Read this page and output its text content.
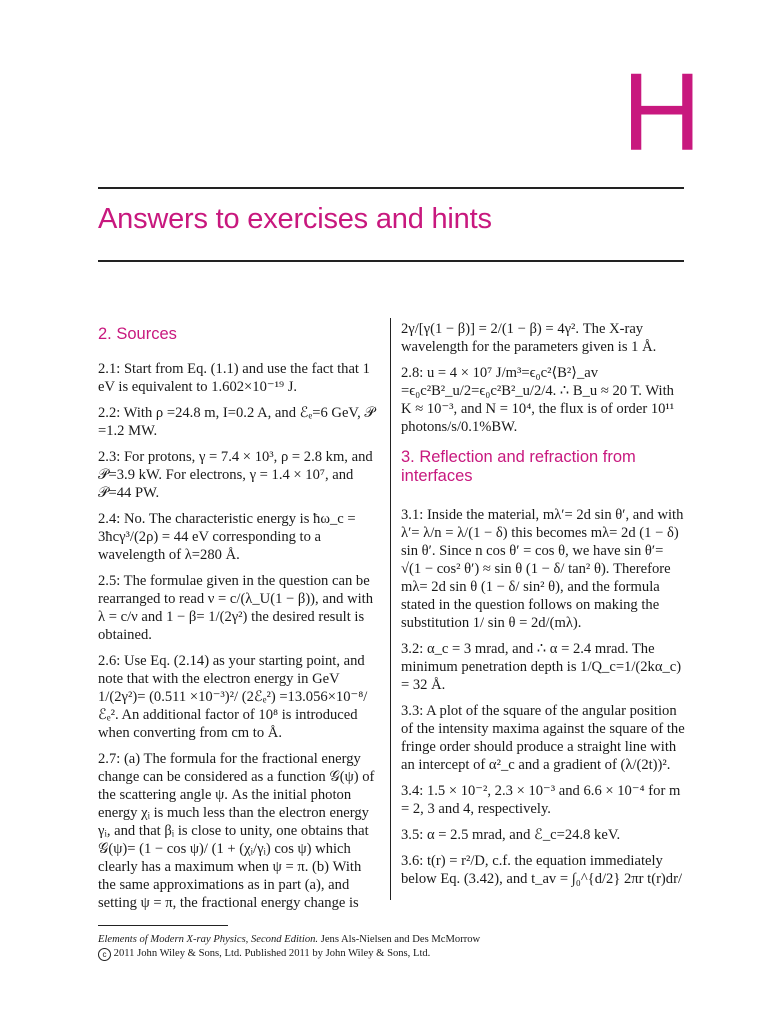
H
Answers to exercises and hints
2. Sources

2.1: Start from Eq. (1.1) and use the fact that 1 eV is equivalent to 1.602×10⁻¹⁹ J.

2.2: With ρ =24.8 m, I=0.2 A, and ℰₑ=6 GeV, 𝒫 =1.2 MW.

2.3: For protons, γ = 7.4 × 10³, ρ = 2.8 km, and 𝒫=3.9 kW. For electrons, γ = 1.4 × 10⁷, and 𝒫=44 PW.

2.4: No. The characteristic energy is ħω_c = 3ħcγ³/(2ρ) = 44 eV corresponding to a wavelength of λ=280 Å.

2.5: The formulae given in the question can be rearranged to read ν = c/(λ_U(1 − β)), and with λ = c/ν and 1 − β= 1/(2γ²) the desired result is obtained.

2.6: Use Eq. (2.14) as your starting point, and note that with the electron energy in GeV 1/(2γ²)= (0.511 ×10⁻³)²/ (2ℰₑ²) =13.056×10⁻⁸/ℰₑ². An additional factor of 10⁸ is introduced when converting from cm to Å.

2.7: (a) The formula for the fractional energy change can be considered as a function 𝒢(ψ) of the scattering angle ψ. As the initial photon energy χᵢ is much less than the electron energy γᵢ, and that βᵢ is close to unity, one obtains that 𝒢(ψ)= (1 − cos ψ)/ (1 + (χᵢ/γᵢ) cos ψ) which clearly has a maximum when ψ = π. (b) With the same approximations as in part (a), and setting ψ = π, the fractional energy change is

2γ/[γ(1 − β)] = 2/(1 − β) = 4γ². The X-ray wavelength for the parameters given is 1 Å.

2.8: u = 4 × 10⁷ J/m³=ϵ₀c²⟨B²⟩_av =ϵ₀c²B²_u/2=ϵ₀c²B²_u/2/4. ∴ B_u ≈ 20 T. With K ≈ 10⁻³, and N = 10⁴, the flux is of order 10¹¹ photons/s/0.1%BW.

3. Reflection and refraction from interfaces

3.1: Inside the material, mλ′= 2d sin θ′, and with λ′= λ/n = λ/(1 − δ) this becomes mλ= 2d (1 − δ) sin θ′. Since n cos θ′ = cos θ, we have sin θ′= √(1 − cos² θ′) ≈ sin θ (1 − δ/ tan² θ). Therefore mλ= 2d sin θ (1 − δ/ sin² θ), and the formula stated in the question follows on making the substitution 1/ sin θ = 2d/(mλ).

3.2: α_c = 3 mrad, and ∴ α = 2.4 mrad. The minimum penetration depth is 1/Q_c=1/(2kα_c) = 32 Å.

3.3: A plot of the square of the angular position of the intensity maxima against the square of the fringe order should produce a straight line with an intercept of α²_c and a gradient of (λ/(2t))².

3.4: 1.5 × 10⁻², 2.3 × 10⁻³ and 6.6 × 10⁻⁴ for m = 2, 3 and 4, respectively.

3.5: α = 2.5 mrad, and ℰ_c=24.8 keV.

3.6: t(r) = r²/D, c.f. the equation immediately below Eq. (3.42), and t_av = ∫₀^{d/2} 2πr t(r)dr/

Elements of Modern X-ray Physics, Second Edition. Jens Als-Nielsen and Des McMorrow

c 2011 John Wiley & Sons, Ltd. Published 2011 by John Wiley & Sons, Ltd.
